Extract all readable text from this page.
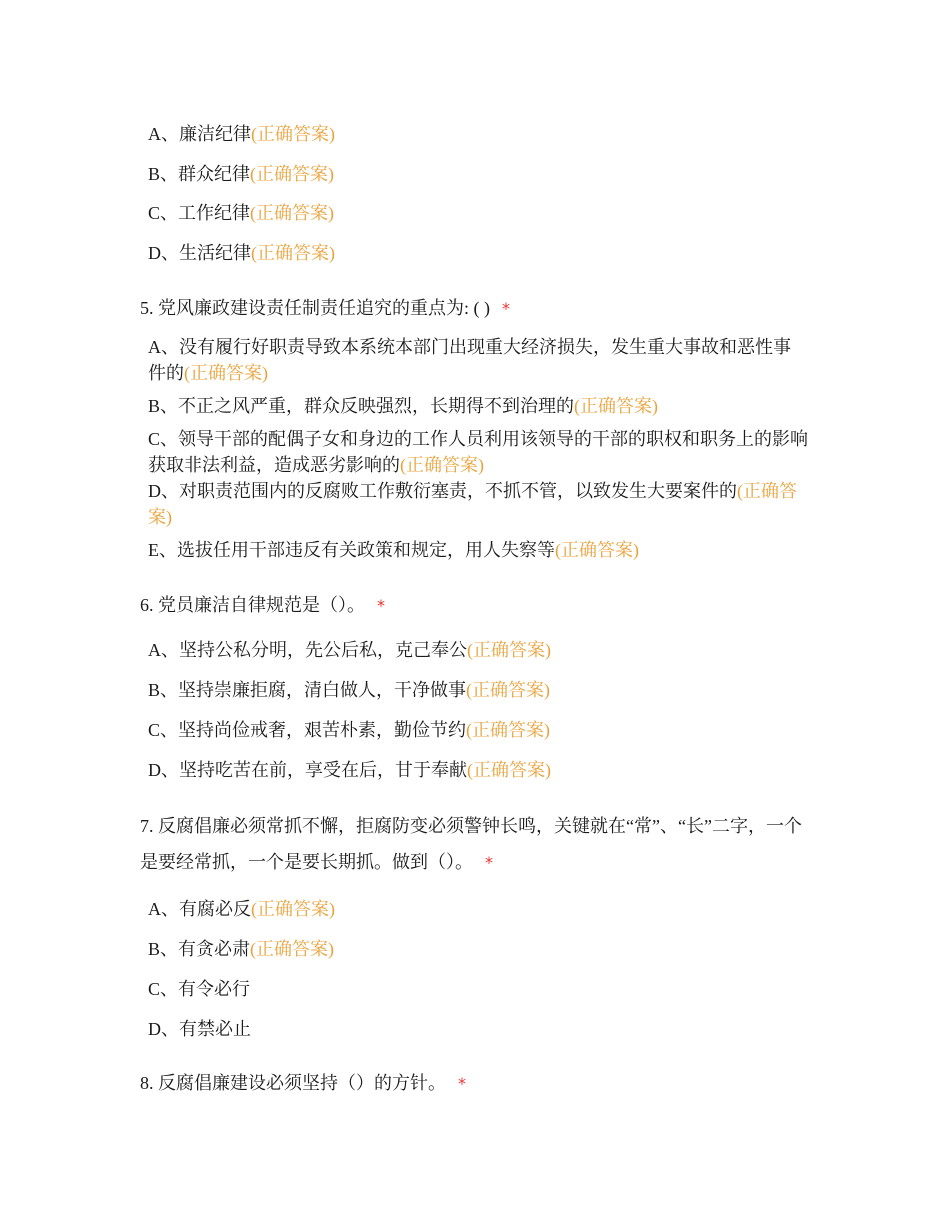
A、廉洁纪律(正确答案)
B、群众纪律(正确答案)
C、工作纪律(正确答案)
D、生活纪律(正确答案)
5. 党风廉政建设责任制责任追究的重点为: ( ) *
A、没有履行好职责导致本系统本部门出现重大经济损失，发生重大事故和恶性事件的(正确答案)
B、不正之风严重，群众反映强烈，长期得不到治理的(正确答案)
C、领导干部的配偶子女和身边的工作人员利用该领导的干部的职权和职务上的影响获取非法利益，造成恶劣影响的(正确答案)
D、对职责范围内的反腐败工作敷衍塞责，不抓不管，以致发生大要案件的(正确答案)
E、选拔任用干部违反有关政策和规定，用人失察等(正确答案)
6. 党员廉洁自律规范是（）。 *
A、坚持公私分明，先公后私，克己奉公(正确答案)
B、坚持崇廉拒腐，清白做人，干净做事(正确答案)
C、坚持尚俭戒奢，艰苦朴素，勤俭节约(正确答案)
D、坚持吃苦在前，享受在后，甘于奉献(正确答案)
7. 反腐倡廉必须常抓不懈，拒腐防变必须警钟长鸣，关键就在“常”、“长”二字，一个是要经常抓，一个是要长期抓。做到（）。 *
A、有腐必反(正确答案)
B、有贪必肃(正确答案)
C、有令必行
D、有禁必止
8. 反腐倡廉建设必须坚持（）的方针。 *
